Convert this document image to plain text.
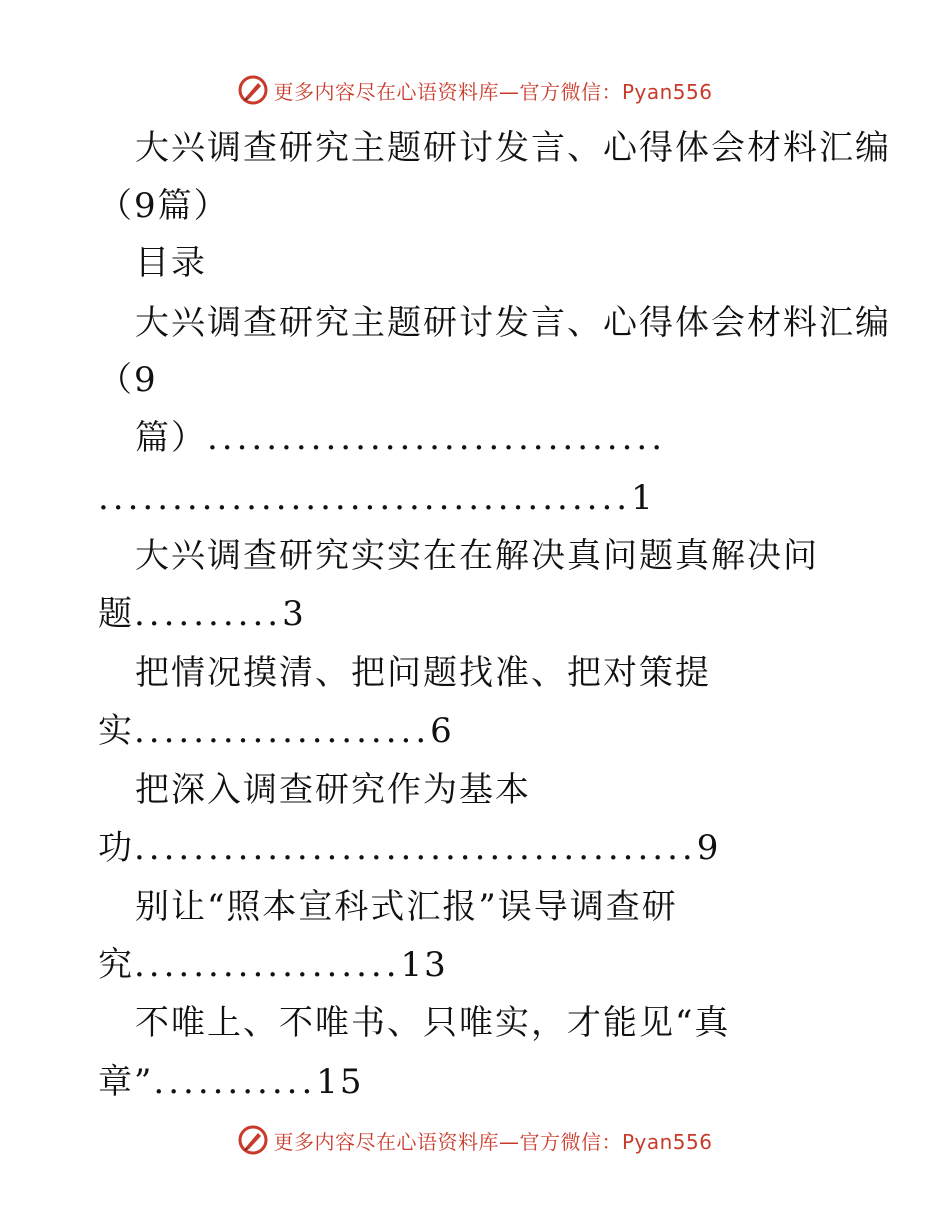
更多内容尽在心语资料库—官方微信：Pyan556
大兴调查研究主题研讨发言、心得体会材料汇编
（9篇）
目录
大兴调查研究主题研讨发言、心得体会材料汇编
（9
篇）...............................
....................................1
大兴调查研究实实在在解决真问题真解决问
题..........3
把情况摸清、把问题找准、把对策提
实....................6
把深入调查研究作为基本
功......................................9
别让“照本宣科式汇报”误导调查研
究..................13
不唯上、不唯书、只唯实，才能见“真
章”...........15
更多内容尽在心语资料库—官方微信：Pyan556
